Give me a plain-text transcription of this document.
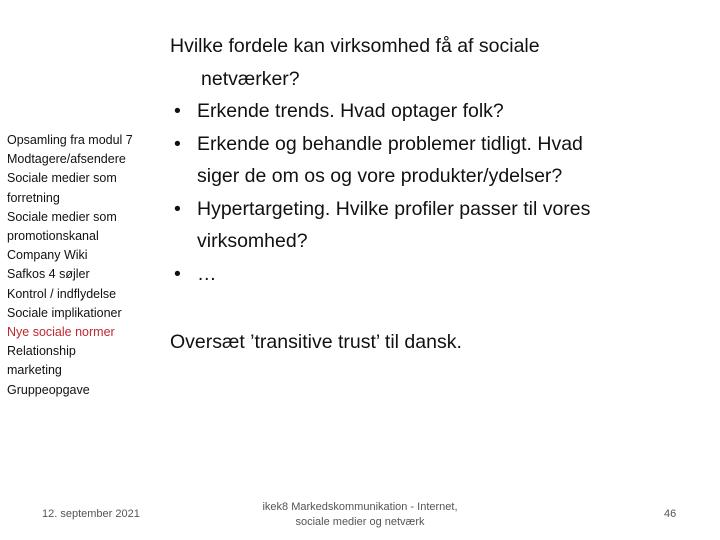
Opsamling fra modul 7
Modtagere/afsendere
Sociale medier som
forretning
Sociale medier som
promotionskanal
Company Wiki
Safkos 4 søjler
Kontrol / indflydelse
Sociale implikationer
Nye sociale normer
Relationship
marketing
Gruppeopgave
Hvilke fordele kan virksomhed få af sociale
netværker?
• Erkende trends. Hvad optager folk?
• Erkende og behandle problemer tidligt. Hvad
siger de om os og vore produkter/ydelser?
• Hypertargeting. Hvilke profiler passer til vores
virksomhed?
• …
Oversæt ’transitive trust’ til dansk.
12. september 2021
ikek8 Markedskommunikation - Internet,
sociale medier og netværk
46
